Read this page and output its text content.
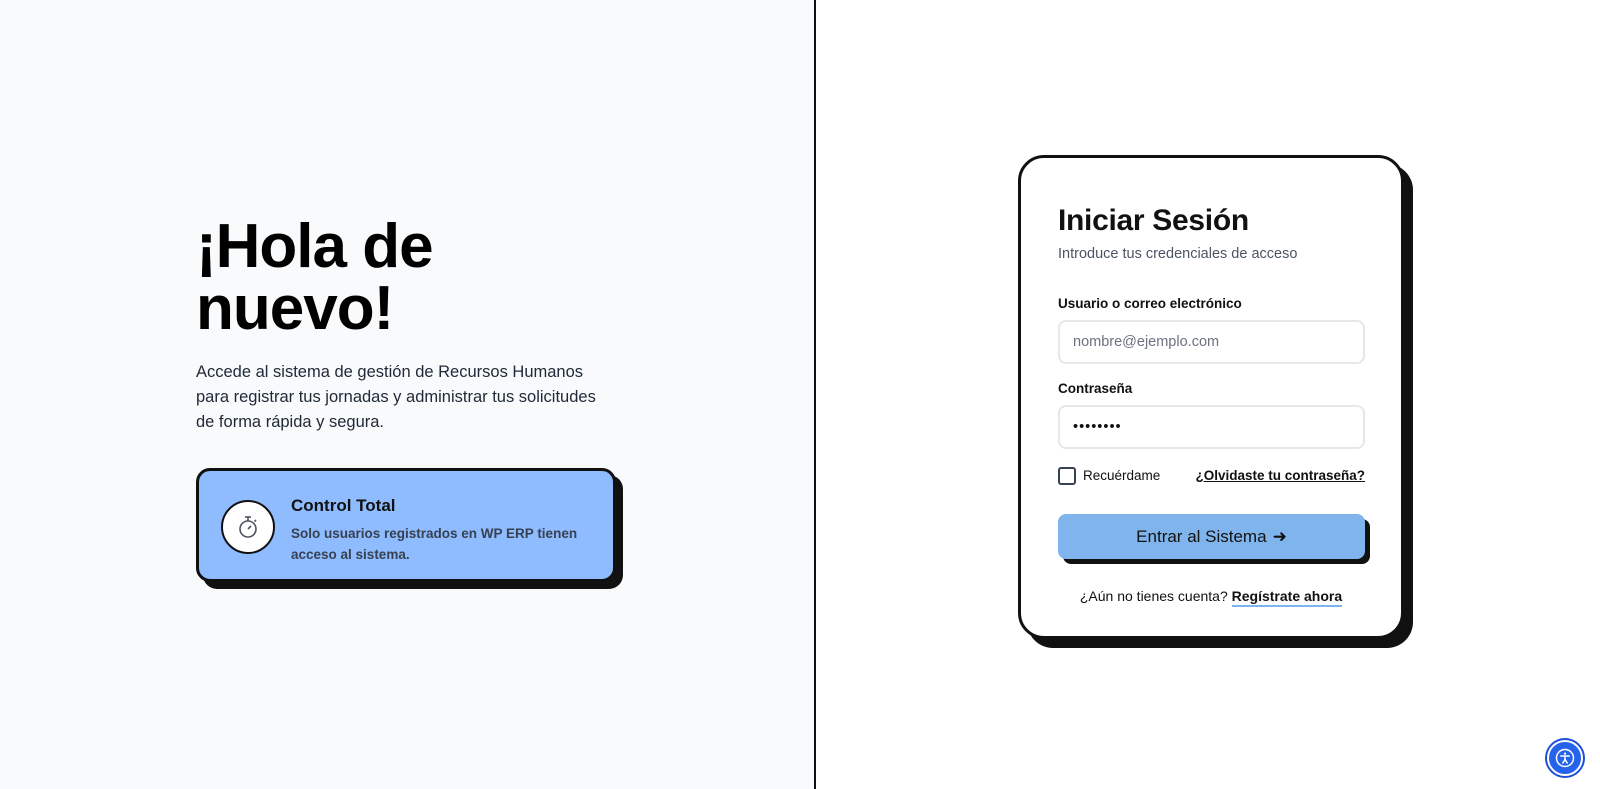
¡Hola de nuevo!

Accede al sistema de gestión de Recursos Humanos para registrar tus jornadas y administrar tus solicitudes de forma rápida y segura.

Control Total
Solo usuarios registrados en WP ERP tienen acceso al sistema.
Iniciar Sesión

Introduce tus credenciales de acceso

Usuario o correo electrónico
nombre@ejemplo.com
Contraseña
••••••••
Recuérdame	¿Olvidaste tu contraseña?
Entrar al Sistema ➜
¿Aún no tienes cuenta? Regístrate ahora
